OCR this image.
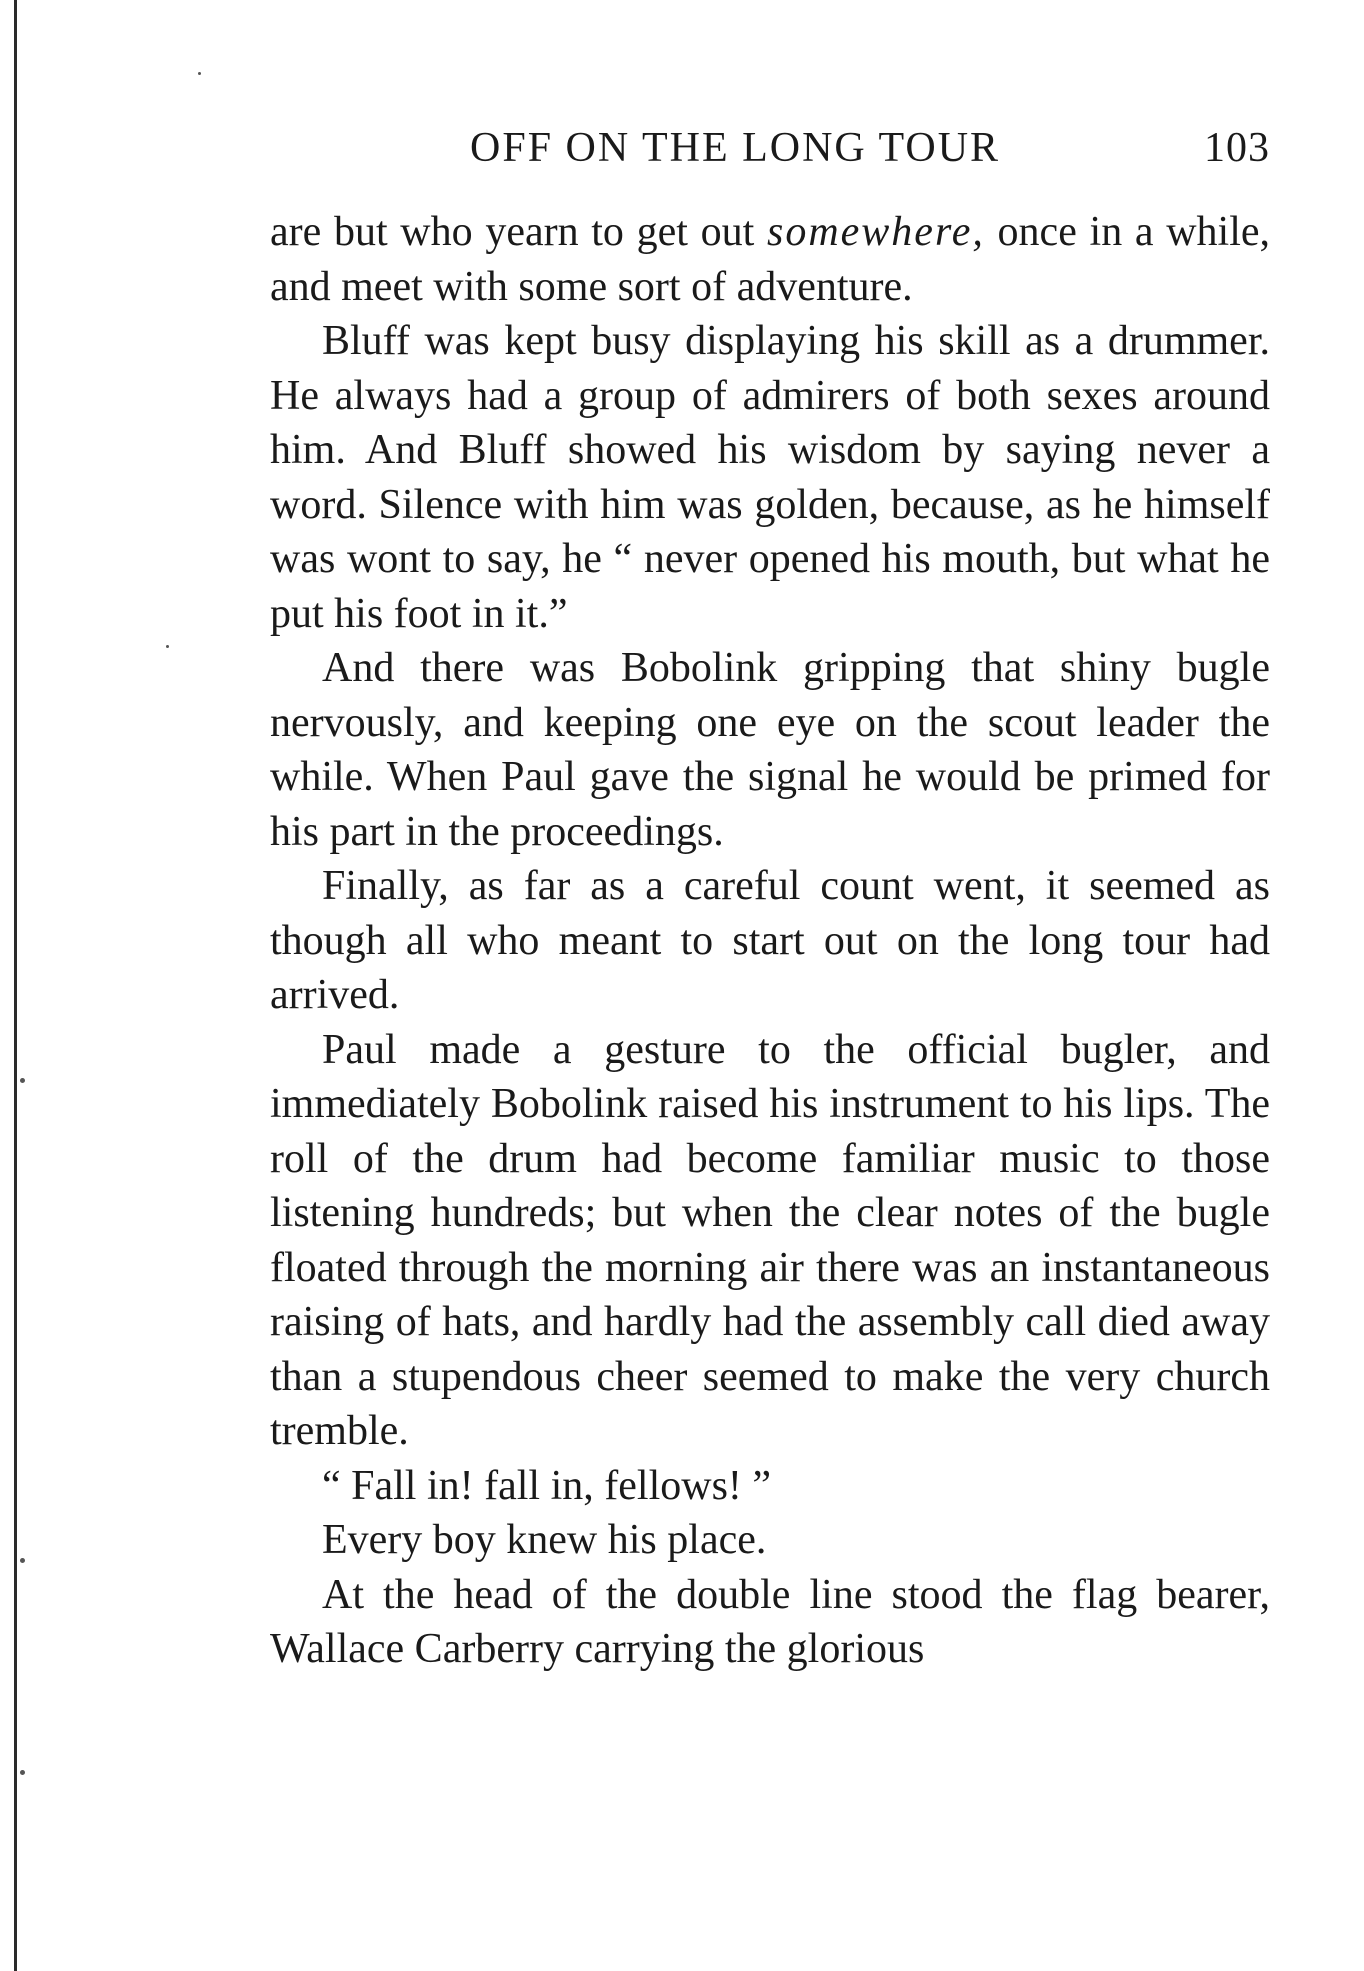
OFF ON THE LONG TOUR	103

are but who yearn to get out somewhere, once in a while, and meet with some sort of adventure.

Bluff was kept busy displaying his skill as a drummer. He always had a group of admirers of both sexes around him. And Bluff showed his wisdom by saying never a word. Silence with him was golden, because, as he himself was wont to say, he “ never opened his mouth, but what he put his foot in it.”

And there was Bobolink gripping that shiny bugle nervously, and keeping one eye on the scout leader the while. When Paul gave the signal he would be primed for his part in the proceedings.

Finally, as far as a careful count went, it seemed as though all who meant to start out on the long tour had arrived.

Paul made a gesture to the official bugler, and immediately Bobolink raised his instrument to his lips. The roll of the drum had become familiar music to those listening hundreds; but when the clear notes of the bugle floated through the morning air there was an instantaneous raising of hats, and hardly had the assembly call died away than a stupendous cheer seemed to make the very church tremble.

“ Fall in! fall in, fellows! ”

Every boy knew his place.

At the head of the double line stood the flag bearer, Wallace Carberry carrying the glorious
